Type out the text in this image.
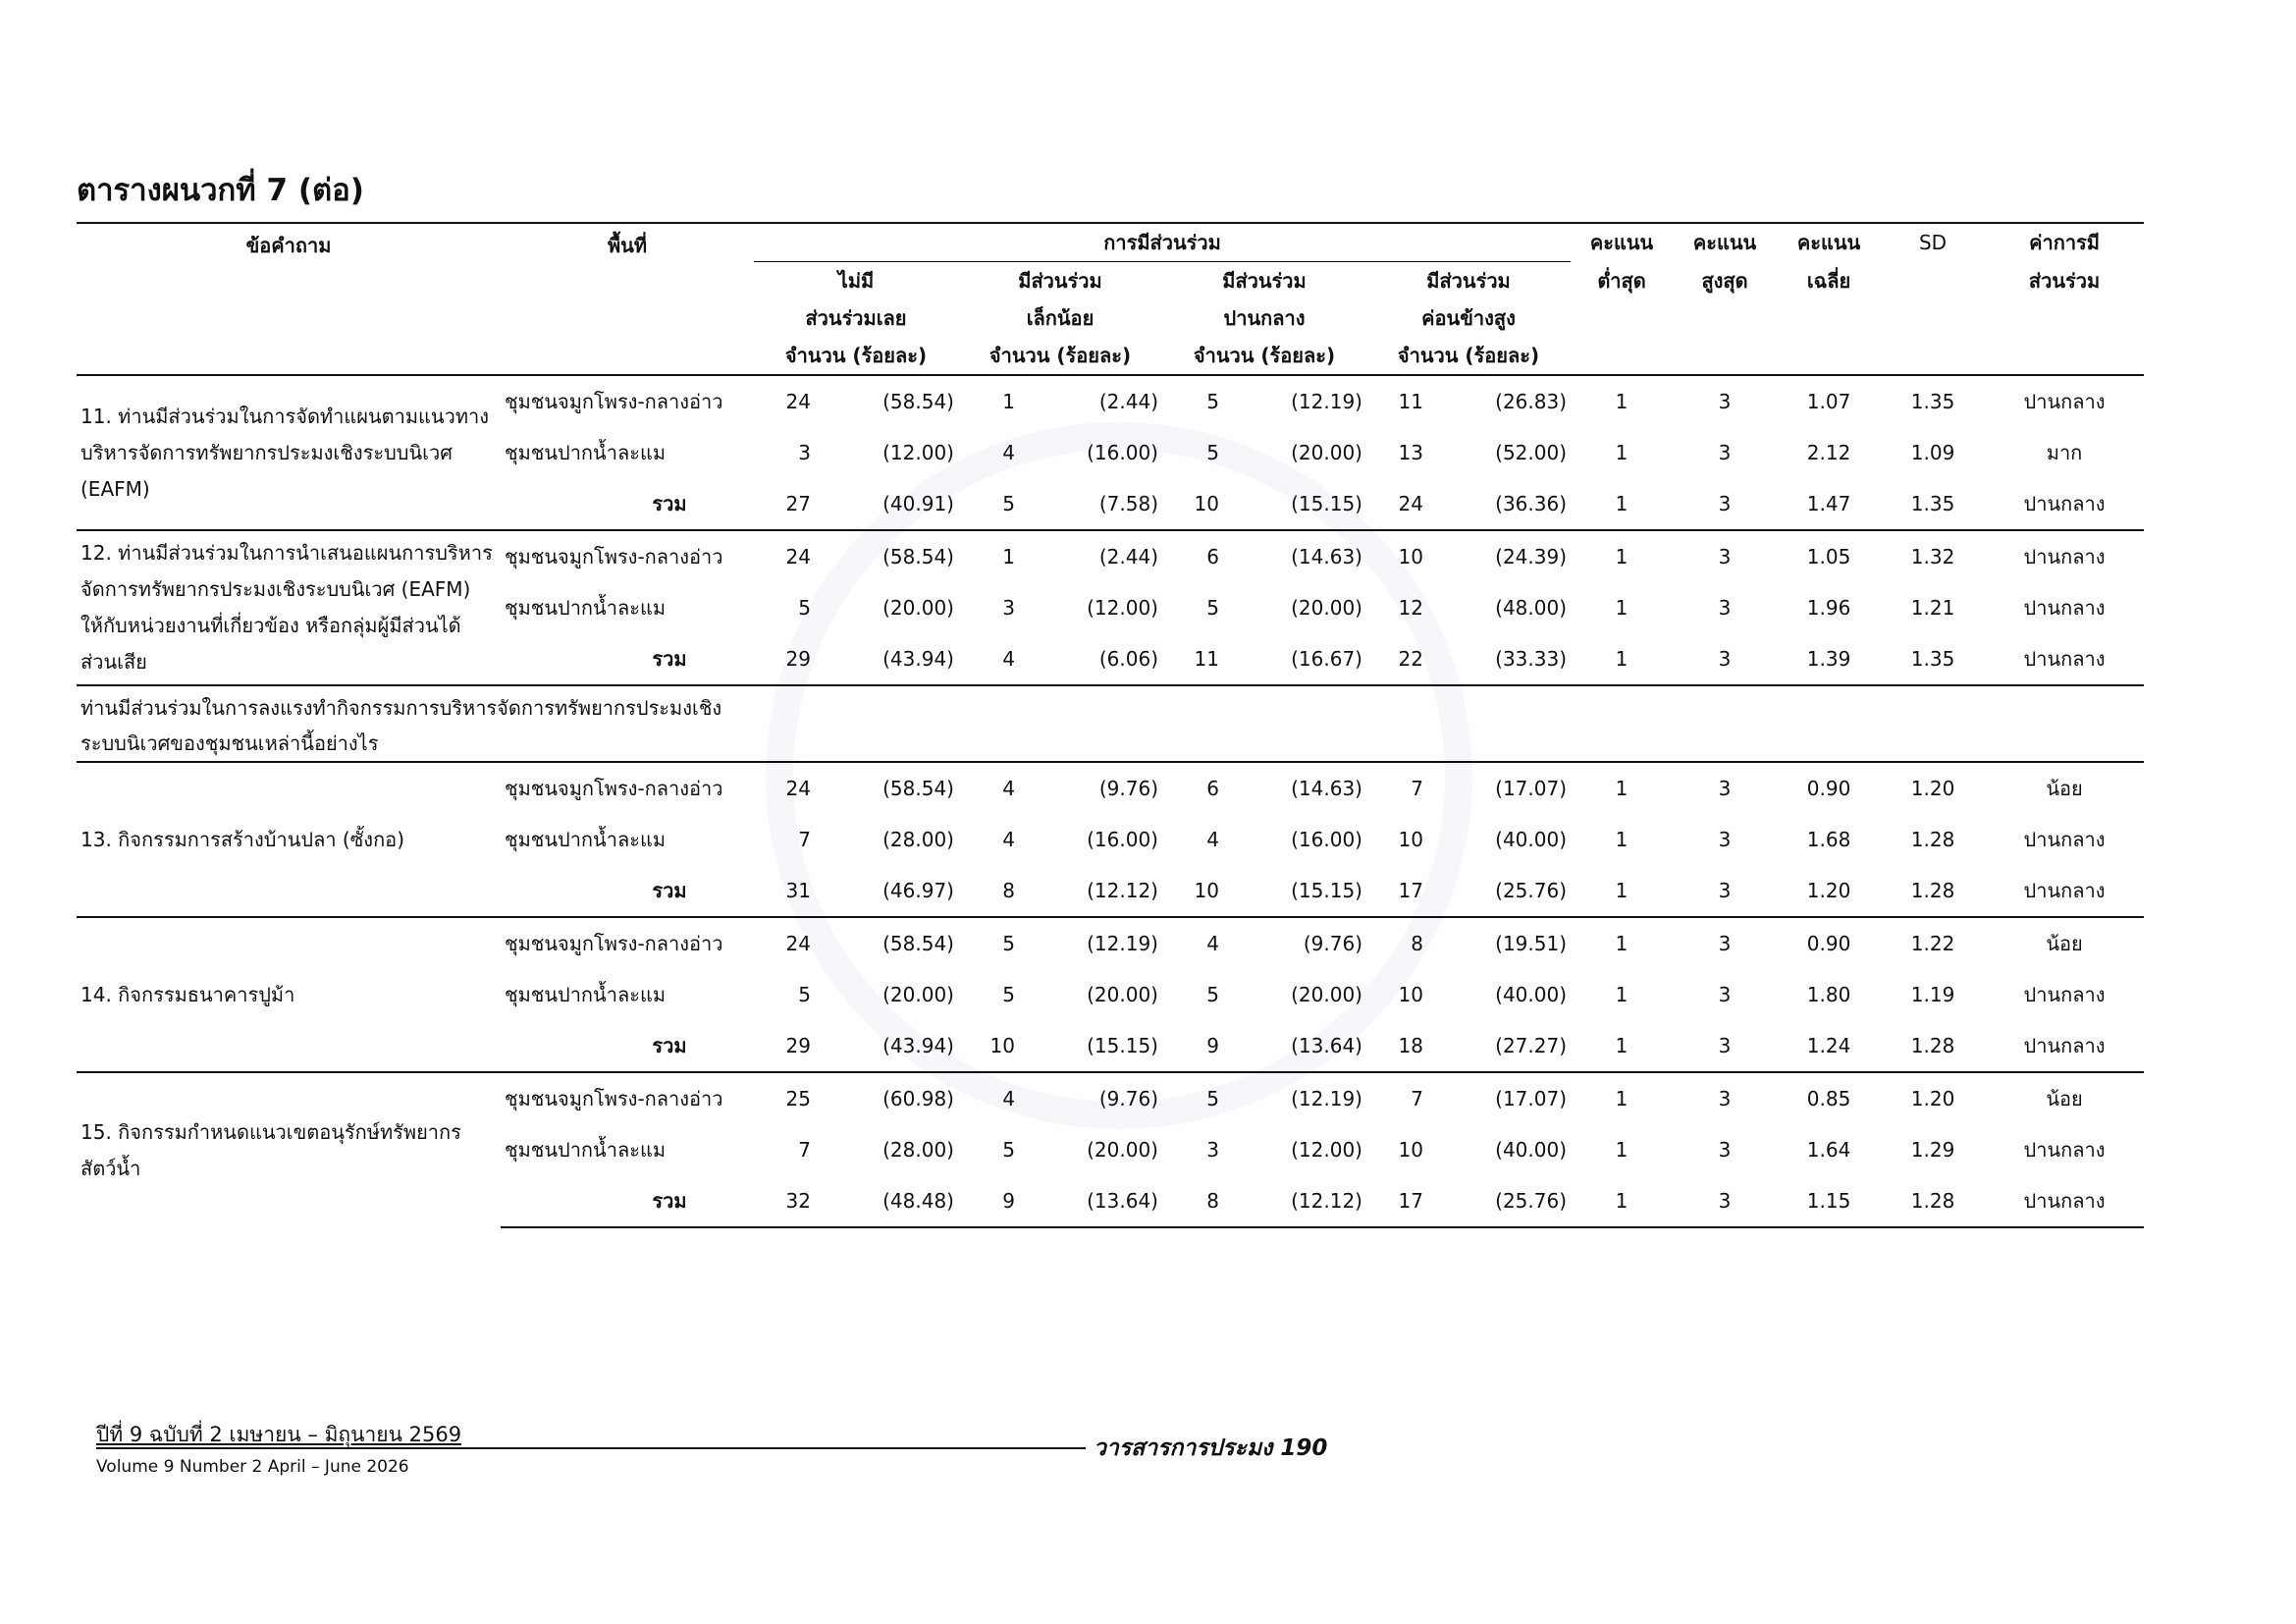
ตารางผนวกที่ 7 (ต่อ)
ข้อคำถาม	พื้นที่	การมีส่วนร่วม								คะแนน	คะแนน	คะแนน	SD	ค่าการมี
		ไม่มี		มีส่วนร่วม		มีส่วนร่วม		มีส่วนร่วม		ต่ำสุด	สูงสุด	เฉลี่ย		ส่วนร่วม
		ส่วนร่วมเลย		เล็กน้อย		ปานกลาง		ค่อนข้างสูง						
		จำนวน (ร้อยละ)		จำนวน (ร้อยละ)		จำนวน (ร้อยละ)		จำนวน (ร้อยละ)						
11. ท่านมีส่วนร่วมในการจัดทำแผนตามแนวทางบริหารจัดการทรัพยากรประมงเชิงระบบนิเวศ (EAFM)	ชุมชนจมูกโพรง-กลางอ่าว	24	(58.54)	1	(2.44)	5	(12.19)	11	(26.83)	1	3	1.07	1.35	ปานกลาง
	ชุมชนปากน้ำละแม	3	(12.00)	4	(16.00)	5	(20.00)	13	(52.00)	1	3	2.12	1.09	มาก
	รวม	27	(40.91)	5	(7.58)	10	(15.15)	24	(36.36)	1	3	1.47	1.35	ปานกลาง
12. ท่านมีส่วนร่วมในการนำเสนอแผนการบริหารจัดการทรัพยากรประมงเชิงระบบนิเวศ (EAFM) ให้กับหน่วยงานที่เกี่ยวข้อง หรือกลุ่มผู้มีส่วนได้ส่วนเสีย	ชุมชนจมูกโพรง-กลางอ่าว	24	(58.54)	1	(2.44)	6	(14.63)	10	(24.39)	1	3	1.05	1.32	ปานกลาง
	ชุมชนปากน้ำละแม	5	(20.00)	3	(12.00)	5	(20.00)	12	(48.00)	1	3	1.96	1.21	ปานกลาง
	รวม	29	(43.94)	4	(6.06)	11	(16.67)	22	(33.33)	1	3	1.39	1.35	ปานกลาง

ท่านมีส่วนร่วมในการลงแรงทำกิจกรรมการบริหารจัดการทรัพยากรประมงเชิงระบบนิเวศของชุมชนเหล่านี้อย่างไร														

13. กิจกรรมการสร้างบ้านปลา (ซั้งกอ)	ชุมชนจมูกโพรง-กลางอ่าว	24	(58.54)	4	(9.76)	6	(14.63)	7	(17.07)	1	3	0.90	1.20	น้อย
	ชุมชนปากน้ำละแม	7	(28.00)	4	(16.00)	4	(16.00)	10	(40.00)	1	3	1.68	1.28	ปานกลาง
	รวม	31	(46.97)	8	(12.12)	10	(15.15)	17	(25.76)	1	3	1.20	1.28	ปานกลาง
14. กิจกรรมธนาคารปูม้า	ชุมชนจมูกโพรง-กลางอ่าว	24	(58.54)	5	(12.19)	4	(9.76)	8	(19.51)	1	3	0.90	1.22	น้อย
	ชุมชนปากน้ำละแม	5	(20.00)	5	(20.00)	5	(20.00)	10	(40.00)	1	3	1.80	1.19	ปานกลาง
	รวม	29	(43.94)	10	(15.15)	9	(13.64)	18	(27.27)	1	3	1.24	1.28	ปานกลาง
15. กิจกรรมกำหนดแนวเขตอนุรักษ์ทรัพยากรสัตว์น้ำ	ชุมชนจมูกโพรง-กลางอ่าว	25	(60.98)	4	(9.76)	5	(12.19)	7	(17.07)	1	3	0.85	1.20	น้อย
	ชุมชนปากน้ำละแม	7	(28.00)	5	(20.00)	3	(12.00)	10	(40.00)	1	3	1.64	1.29	ปานกลาง
	รวม	32	(48.48)	9	(13.64)	8	(12.12)	17	(25.76)	1	3	1.15	1.28	ปานกลาง
ปีที่ 9 ฉบับที่ 2 เมษายน – มิถุนายน 2569
วารสารการประมง 190
Volume 9 Number 2 April – June 2026
